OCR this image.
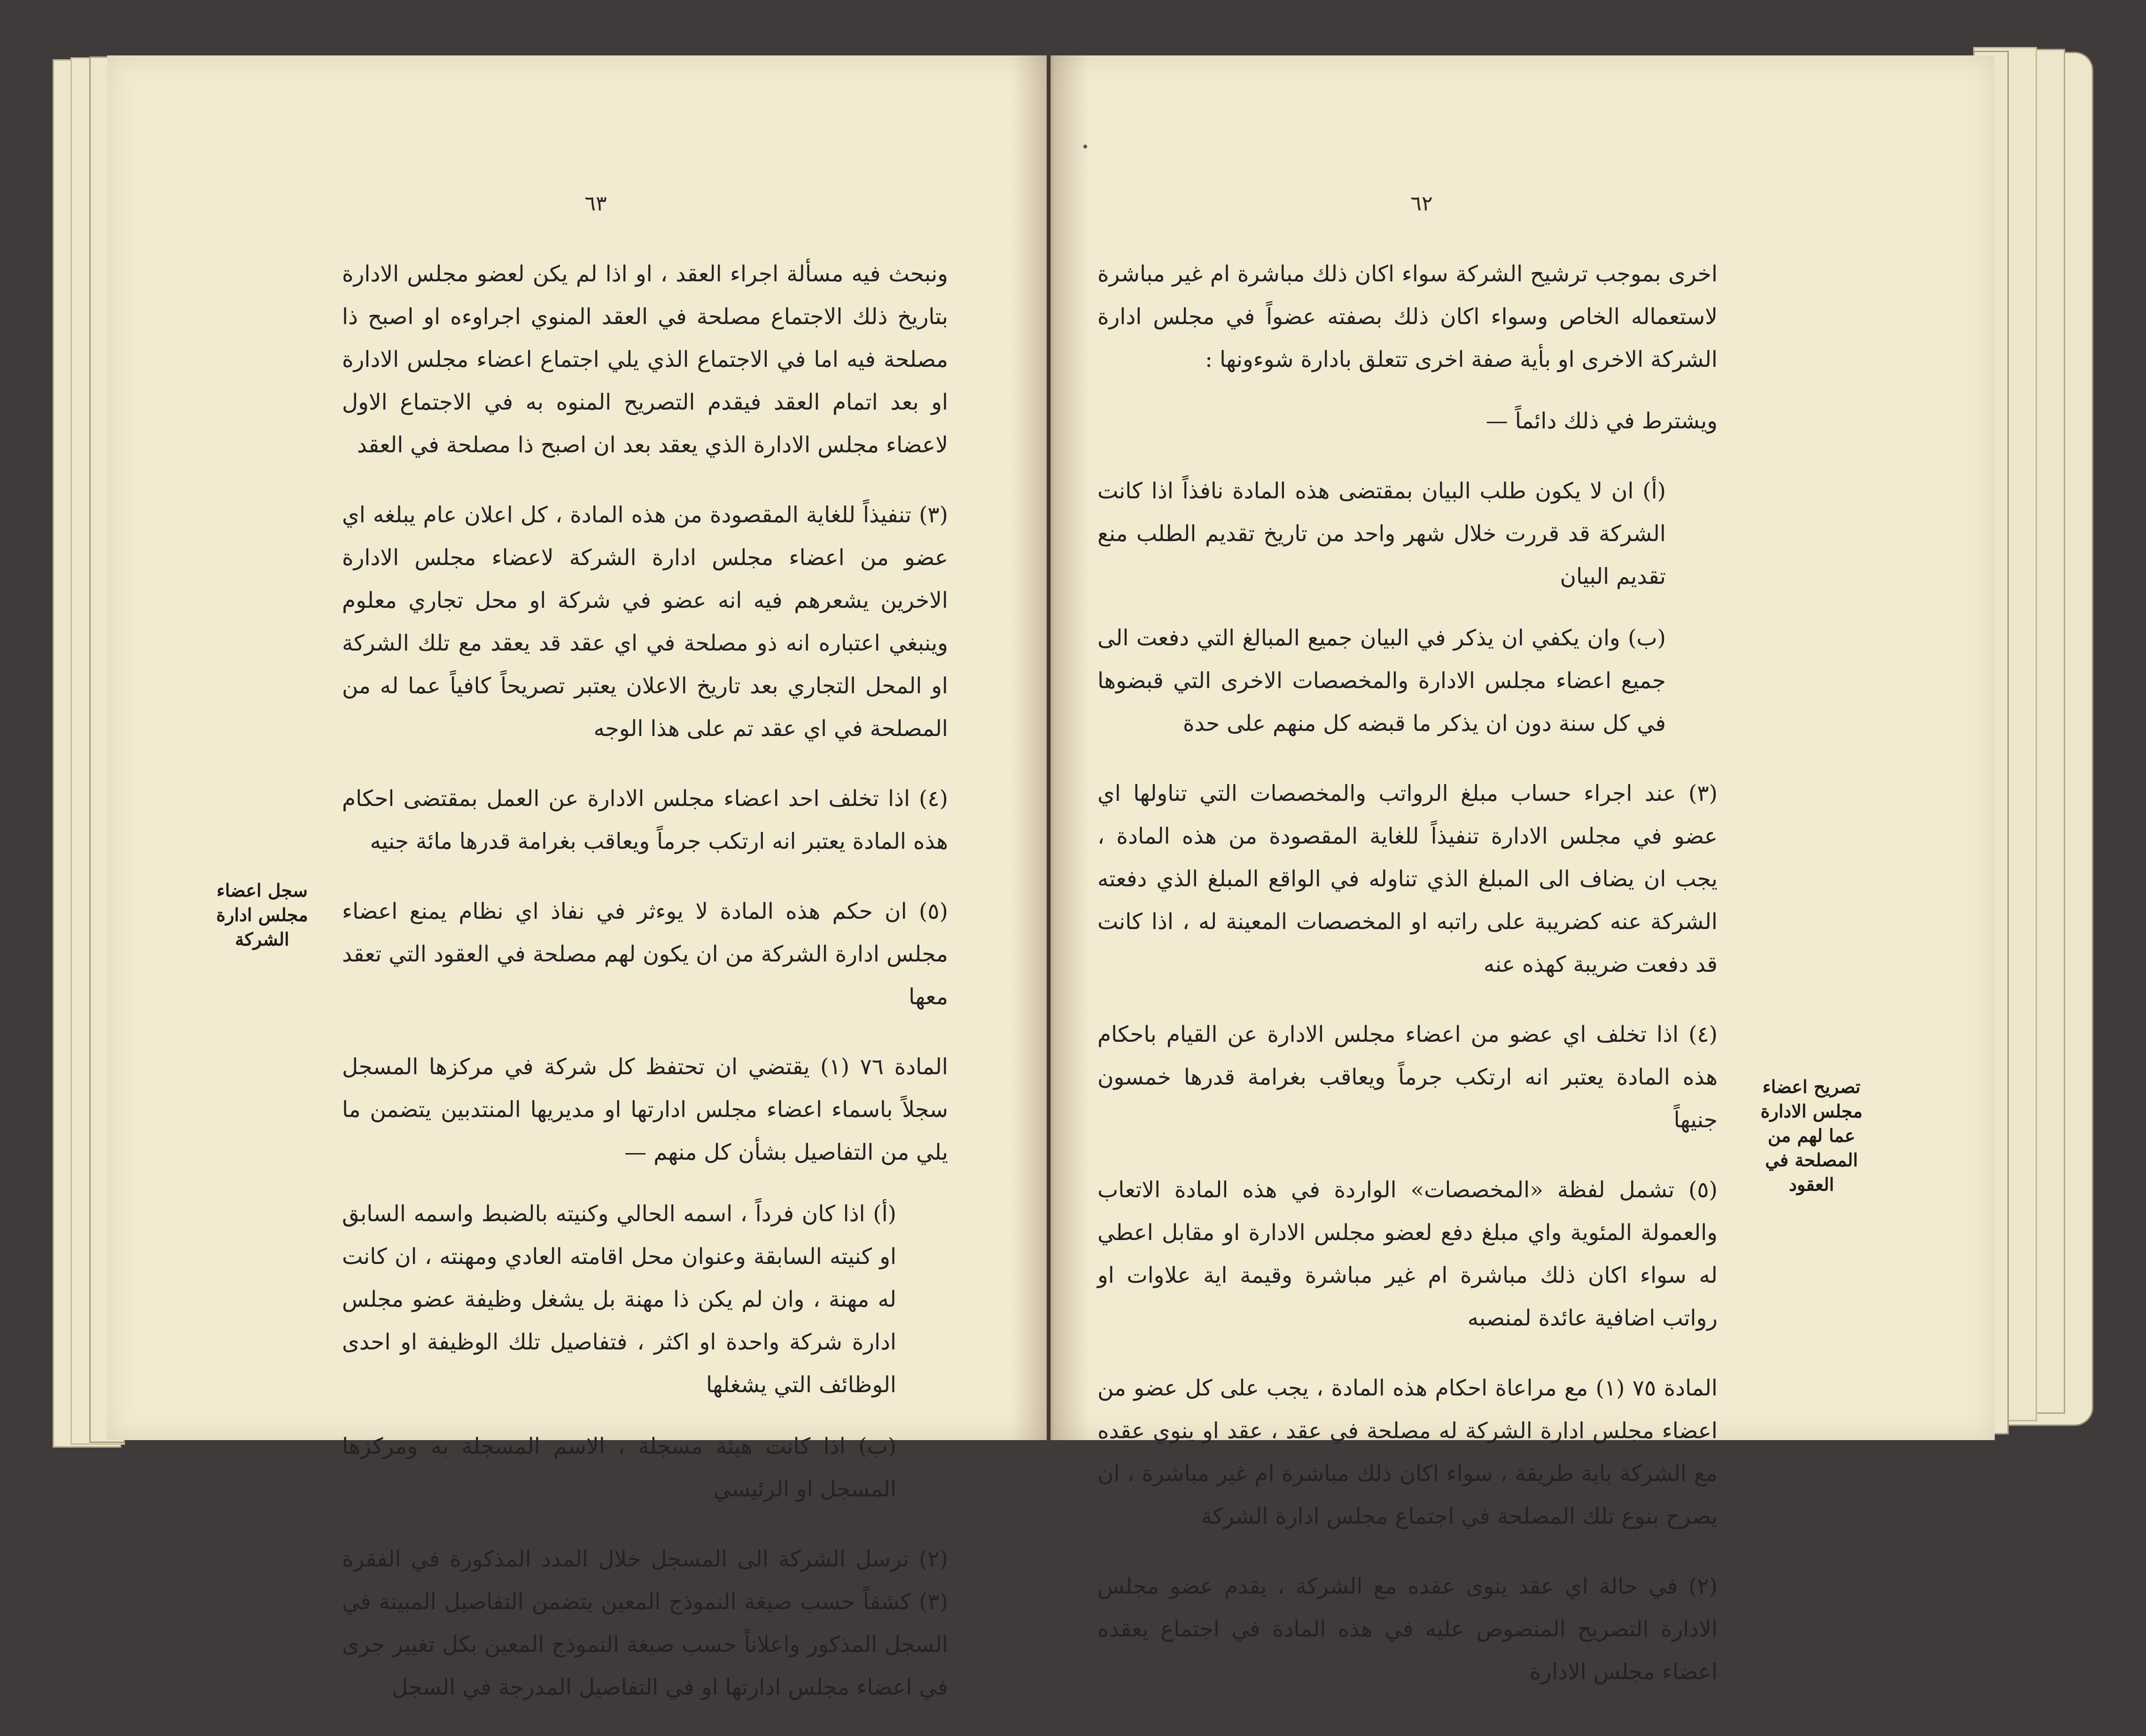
٦٣

ونبحث فيه مسألة اجراء العقد ، او اذا لم يكن لعضو مجلس الادارة بتاريخ ذلك الاجتماع مصلحة في العقد المنوي اجراوءه او اصبح ذا مصلحة فيه اما في الاجتماع الذي يلي اجتماع اعضاء مجلس الادارة او بعد اتمام العقد فيقدم التصريح المنوه به في الاجتماع الاول لاعضاء مجلس الادارة الذي يعقد بعد ان اصبح ذا مصلحة في العقد

(٣) تنفيذاً للغاية المقصودة من هذه المادة ، كل اعلان عام يبلغه اي عضو من اعضاء مجلس ادارة الشركة لاعضاء مجلس الادارة الاخرين يشعرهم فيه انه عضو في شركة او محل تجاري معلوم وينبغي اعتباره انه ذو مصلحة في اي عقد قد يعقد مع تلك الشركة او المحل التجاري بعد تاريخ الاعلان يعتبر تصريحاً كافياً عما له من المصلحة في اي عقد تم على هذا الوجه

(٤) اذا تخلف احد اعضاء مجلس الادارة عن العمل بمقتضى احكام هذه المادة يعتبر انه ارتكب جرماً ويعاقب بغرامة قدرها مائة جنيه

(٥) ان حكم هذه المادة لا يوءثر في نفاذ اي نظام يمنع اعضاء مجلس ادارة الشركة من ان يكون لهم مصلحة في العقود التي تعقد معها

المادة ٧٦ (١) يقتضي ان تحتفظ كل شركة في مركزها المسجل سجلاً باسماء اعضاء مجلس ادارتها او مديريها المنتدبين يتضمن ما يلي من التفاصيل بشأن كل منهم —

(أ) اذا كان فرداً ، اسمه الحالي وكنيته بالضبط واسمه السابق او كنيته السابقة وعنوان محل اقامته العادي ومهنته ، ان كانت له مهنة ، وان لم يكن ذا مهنة بل يشغل وظيفة عضو مجلس ادارة شركة واحدة او اكثر ، فتفاصيل تلك الوظيفة او احدى الوظائف التي يشغلها

(ب) اذا كانت هيئة مسجلة ، الاسم المسجلة به ومركزها المسجل او الرئيسي

(٢) ترسل الشركة الى المسجل خلال المدد المذكورة في الفقرة (٣) كشفاً حسب صيغة النموذج المعين يتضمن التفاصيل المبينة في السجل المذكور واعلاناً حسب صيغة النموذج المعين بكل تغيير جرى في اعضاء مجلس ادارتها او في التفاصيل المدرجة في السجل

سجل اعضاء مجلس ادارة الشركة
٦٢

اخرى بموجب ترشيح الشركة سواء اكان ذلك مباشرة ام غير مباشرة لاستعماله الخاص وسواء اكان ذلك بصفته عضواً في مجلس ادارة الشركة الاخرى او بأية صفة اخرى تتعلق بادارة شوءونها :

ويشترط في ذلك دائماً —

(أ) ان لا يكون طلب البيان بمقتضى هذه المادة نافذاً اذا كانت الشركة قد قررت خلال شهر واحد من تاريخ تقديم الطلب منع تقديم البيان

(ب) وان يكفي ان يذكر في البيان جميع المبالغ التي دفعت الى جميع اعضاء مجلس الادارة والمخصصات الاخرى التي قبضوها في كل سنة دون ان يذكر ما قبضه كل منهم على حدة

(٣) عند اجراء حساب مبلغ الرواتب والمخصصات التي تناولها اي عضو في مجلس الادارة تنفيذاً للغاية المقصودة من هذه المادة ، يجب ان يضاف الى المبلغ الذي تناوله في الواقع المبلغ الذي دفعته الشركة عنه كضريبة على راتبه او المخصصات المعينة له ، اذا كانت قد دفعت ضريبة كهذه عنه

(٤) اذا تخلف اي عضو من اعضاء مجلس الادارة عن القيام باحكام هذه المادة يعتبر انه ارتكب جرماً ويعاقب بغرامة قدرها خمسون جنيهاً

(٥) تشمل لفظة «المخصصات» الواردة في هذه المادة الاتعاب والعمولة المئوية واي مبلغ دفع لعضو مجلس الادارة او مقابل اعطي له سواء اكان ذلك مباشرة ام غير مباشرة وقيمة اية علاوات او رواتب اضافية عائدة لمنصبه

المادة ٧٥ (١) مع مراعاة احكام هذه المادة ، يجب على كل عضو من اعضاء مجلس ادارة الشركة له مصلحة في عقد ، عقد او ينوي عقده مع الشركة باية طريقة ، سواء اكان ذلك مباشرة ام غير مباشرة ، ان يصرح بنوع تلك المصلحة في اجتماع مجلس ادارة الشركة

(٢) في حالة اي عقد ينوى عقده مع الشركة ، يقدم عضو مجلس الادارة التصريح المنصوص عليه في هذه المادة في اجتماع يعقده اعضاء مجلس الادارة

تصريح اعضاء مجلس الادارة عما لهم من المصلحة في العقود
